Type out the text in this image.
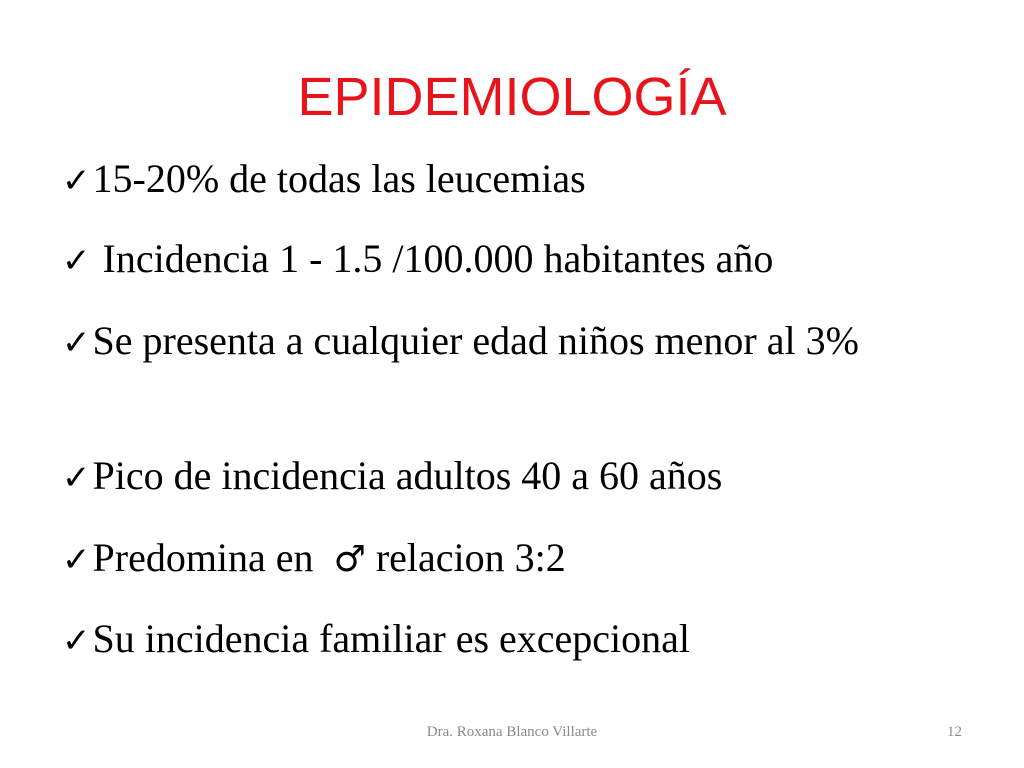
EPIDEMIOLOGÍA
✓15-20% de todas las leucemias
✓ Incidencia 1 - 1.5 /100.000 habitantes año
✓Se presenta a cualquier edad niños menor al 3%
✓Pico de incidencia adultos 40 a 60 años
✓Predomina en  ♂ relacion 3:2
✓Su incidencia familiar es excepcional
Dra. Roxana Blanco Villarte	12
